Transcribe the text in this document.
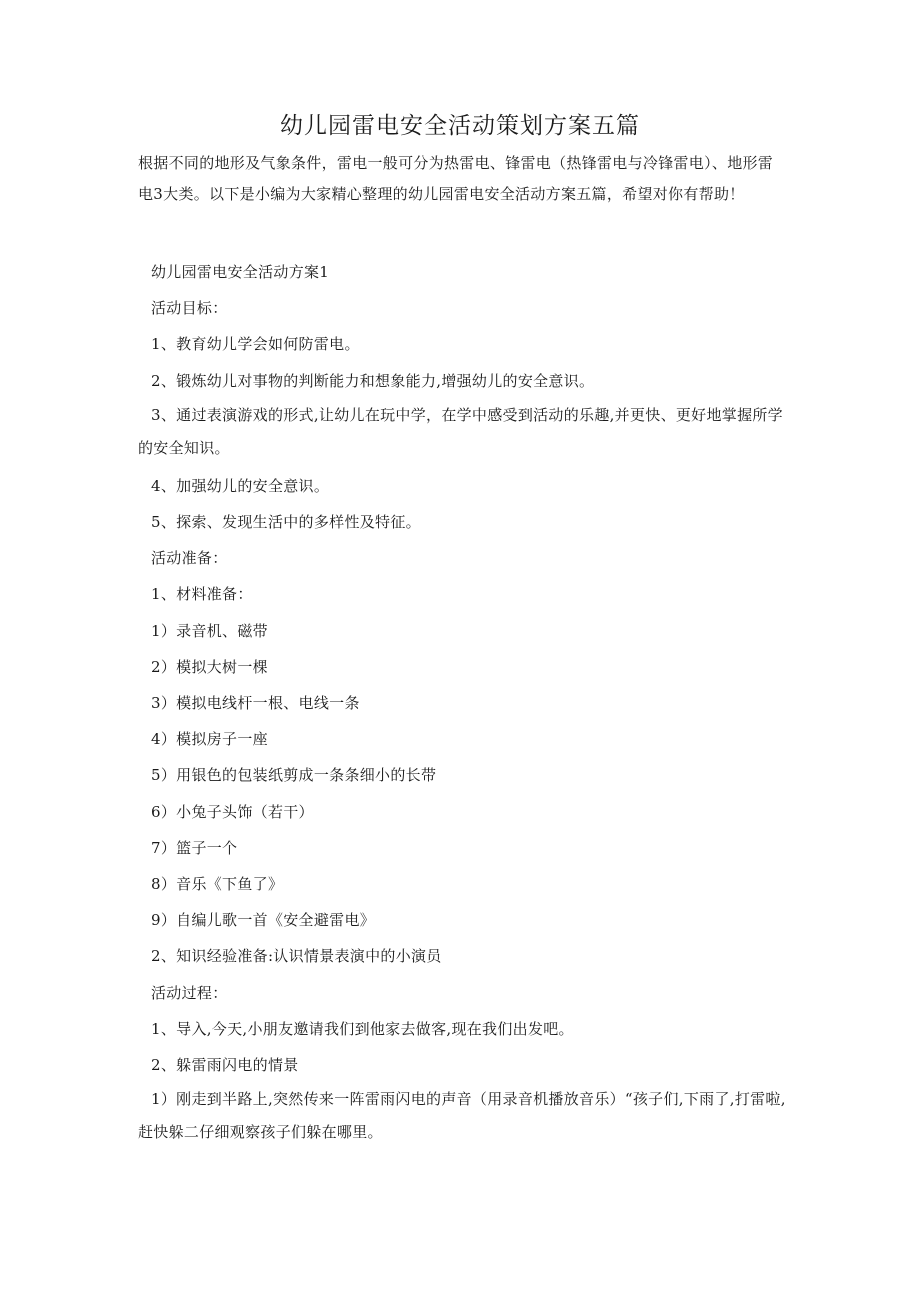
幼儿园雷电安全活动策划方案五篇

根据不同的地形及气象条件，雷电一般可分为热雷电、锋雷电（热锋雷电与冷锋雷电）、地形雷电3大类。以下是小编为大家精心整理的幼儿园雷电安全活动方案五篇，希望对你有帮助！

幼儿园雷电安全活动方案1

活动目标：

1、教育幼儿学会如何防雷电。

2、锻炼幼儿对事物的判断能力和想象能力,增强幼儿的安全意识。

3、通过表演游戏的形式,让幼儿在玩中学，在学中感受到活动的乐趣,并更快、更好地掌握所学的安全知识。

4、加强幼儿的安全意识。

5、探索、发现生活中的多样性及特征。

活动准备：

1、材料准备：

1）录音机、磁带

2）模拟大树一棵

3）模拟电线杆一根、电线一条

4）模拟房子一座

5）用银色的包装纸剪成一条条细小的长带

6）小兔子头饰（若干）

7）篮子一个

8）音乐《下鱼了》

9）自编儿歌一首《安全避雷电》

2、知识经验准备:认识情景表演中的小演员

活动过程：

1、导入,今天,小朋友邀请我们到他家去做客,现在我们出发吧。

2、躲雷雨闪电的情景

1）刚走到半路上,突然传来一阵雷雨闪电的声音（用录音机播放音乐）“孩子们,下雨了,打雷啦,赶快躲二仔细观察孩子们躲在哪里。
